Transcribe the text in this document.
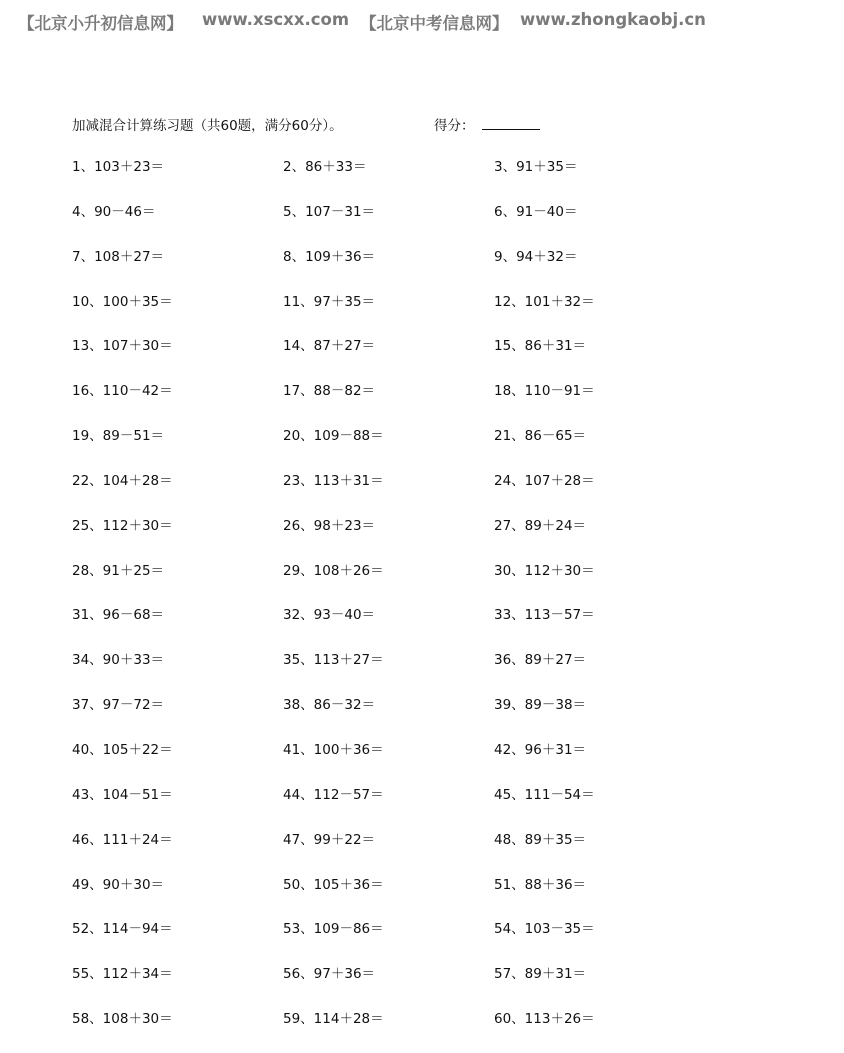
【北京小升初信息网】 www.xscxx.com 【北京中考信息网】 www.zhongkaobj.cn
加减混合计算练习题（共60题，满分60分）。	得分：
1、103＋23＝	2、86＋33＝	3、91＋35＝
4、90－46＝	5、107－31＝	6、91－40＝
7、108＋27＝	8、109＋36＝	9、94＋32＝
10、100＋35＝	11、97＋35＝	12、101＋32＝
13、107＋30＝	14、87＋27＝	15、86＋31＝
16、110－42＝	17、88－82＝	18、110－91＝
19、89－51＝	20、109－88＝	21、86－65＝
22、104＋28＝	23、113＋31＝	24、107＋28＝
25、112＋30＝	26、98＋23＝	27、89＋24＝
28、91＋25＝	29、108＋26＝	30、112＋30＝
31、96－68＝	32、93－40＝	33、113－57＝
34、90＋33＝	35、113＋27＝	36、89＋27＝
37、97－72＝	38、86－32＝	39、89－38＝
40、105＋22＝	41、100＋36＝	42、96＋31＝
43、104－51＝	44、112－57＝	45、111－54＝
46、111＋24＝	47、99＋22＝	48、89＋35＝
49、90＋30＝	50、105＋36＝	51、88＋36＝
52、114－94＝	53、109－86＝	54、103－35＝
55、112＋34＝	56、97＋36＝	57、89＋31＝
58、108＋30＝	59、114＋28＝	60、113＋26＝
